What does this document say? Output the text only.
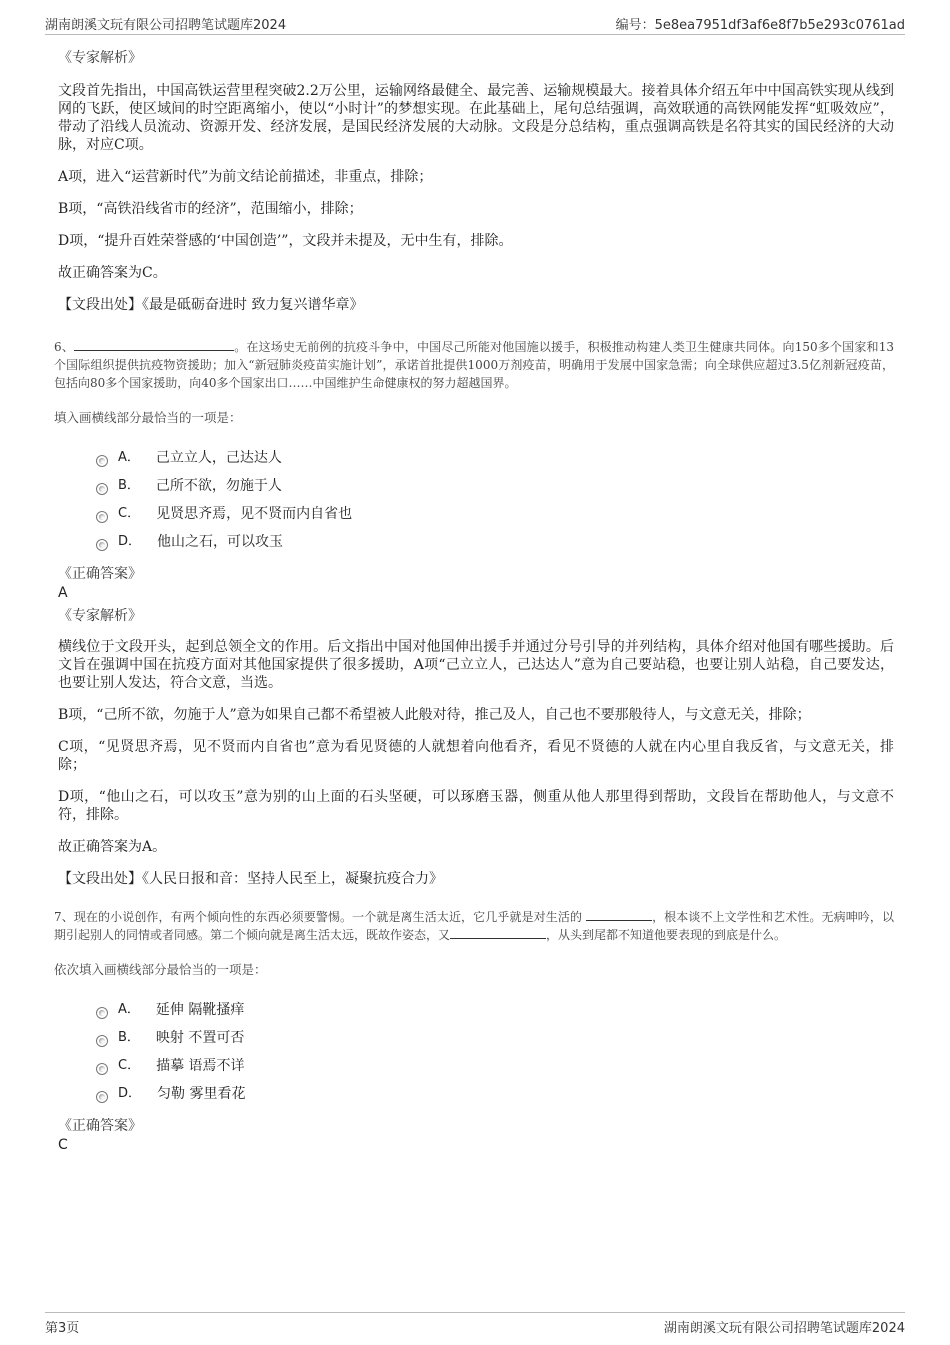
湖南朗溪文玩有限公司招聘笔试题库2024	编号：5e8ea7951df3af6e8f7b5e293c0761ad
《专家解析》
文段首先指出，中国高铁运营里程突破2.2万公里，运输网络最健全、最完善、运输规模最大。接着具体介绍五年中中国高铁实现从线到网的飞跃，使区域间的时空距离缩小，使以“小时计”的梦想实现。在此基础上，尾句总结强调，高效联通的高铁网能发挥“虹吸效应”，带动了沿线人员流动、资源开发、经济发展，是国民经济发展的大动脉。文段是分总结构，重点强调高铁是名符其实的国民经济的大动脉，对应C项。
A项，进入“运营新时代”为前文结论前描述，非重点，排除；
B项，“高铁沿线省市的经济”，范围缩小，排除；
D项，“提升百姓荣誉感的‘中国创造’”，文段并未提及，无中生有，排除。
故正确答案为C。
【文段出处】《最是砥砺奋进时 致力复兴谱华章》
6、	。在这场史无前例的抗疫斗争中，中国尽己所能对他国施以援手，积极推动构建人类卫生健康共同体。向150多个国家和13个国际组织提供抗疫物资援助；加入“新冠肺炎疫苗实施计划”，承诺首批提供1000万剂疫苗，明确用于发展中国家急需；向全球供应超过3.5亿剂新冠疫苗，包括向80多个国家援助，向40多个国家出口……中国维护生命健康权的努力超越国界。
填入画横线部分最恰当的一项是：
A． 己立立人，己达达人
B． 己所不欲，勿施于人
C． 见贤思齐焉，见不贤而内自省也
D． 他山之石，可以攻玉
《正确答案》
A
《专家解析》
横线位于文段开头，起到总领全文的作用。后文指出中国对他国伸出援手并通过分号引导的并列结构，具体介绍对他国有哪些援助。后文旨在强调中国在抗疫方面对其他国家提供了很多援助，A项“己立立人，己达达人”意为自己要站稳，也要让别人站稳，自己要发达，也要让别人发达，符合文意，当选。
B项，“己所不欲，勿施于人”意为如果自己都不希望被人此般对待，推己及人，自己也不要那般待人，与文意无关，排除；
C项，“见贤思齐焉，见不贤而内自省也”意为看见贤德的人就想着向他看齐，看见不贤德的人就在内心里自我反省，与文意无关，排除；
D项，“他山之石，可以攻玉”意为别的山上面的石头坚硬，可以琢磨玉器，侧重从他人那里得到帮助，文段旨在帮助他人，与文意不符，排除。
故正确答案为A。
【文段出处】《人民日报和音：坚持人民至上，凝聚抗疫合力》
7、现在的小说创作，有两个倾向性的东西必须要警惕。一个就是离生活太近，它几乎就是对生活的	，根本谈不上文学性和艺术性。无病呻吟，以期引起别人的同情或者同感。第二个倾向就是离生活太远，既故作姿态，又	，从头到尾都不知道他要表现的到底是什么。
依次填入画横线部分最恰当的一项是：
A． 延伸 隔靴搔痒
B． 映射 不置可否
C． 描摹 语焉不详
D． 匀勒 雾里看花
《正确答案》
C
第3页	湖南朗溪文玩有限公司招聘笔试题库2024
